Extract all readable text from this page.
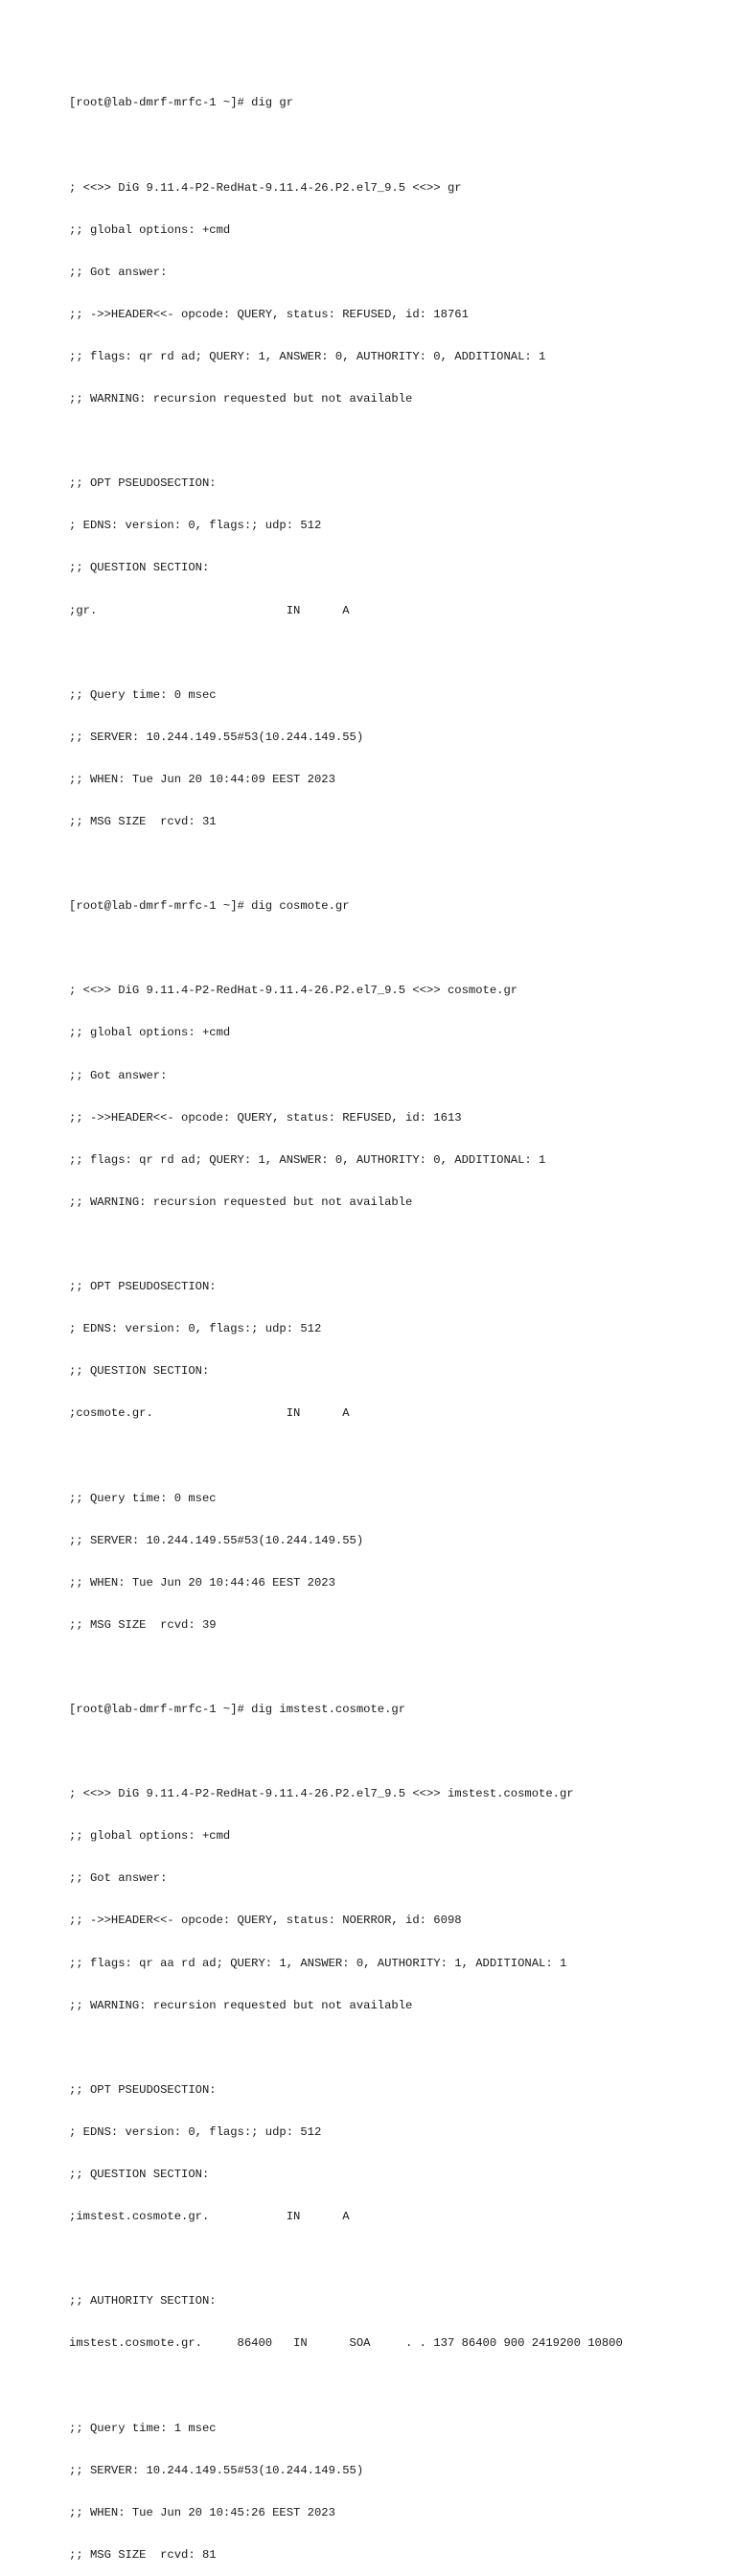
[root@lab-dmrf-mrfc-1 ~]# dig gr

; <<>> DiG 9.11.4-P2-RedHat-9.11.4-26.P2.el7_9.5 <<>> gr

;; global options: +cmd

;; Got answer:

;; ->>HEADER<<- opcode: QUERY, status: REFUSED, id: 18761

;; flags: qr rd ad; QUERY: 1, ANSWER: 0, AUTHORITY: 0, ADDITIONAL: 1

;; WARNING: recursion requested but not available

;; OPT PSEUDOSECTION:

; EDNS: version: 0, flags:; udp: 512

;; QUESTION SECTION:

;gr.                           IN      A

;; Query time: 0 msec

;; SERVER: 10.244.149.55#53(10.244.149.55)

;; WHEN: Tue Jun 20 10:44:09 EEST 2023

;; MSG SIZE  rcvd: 31

[root@lab-dmrf-mrfc-1 ~]# dig cosmote.gr

; <<>> DiG 9.11.4-P2-RedHat-9.11.4-26.P2.el7_9.5 <<>> cosmote.gr

;; global options: +cmd

;; Got answer:

;; ->>HEADER<<- opcode: QUERY, status: REFUSED, id: 1613

;; flags: qr rd ad; QUERY: 1, ANSWER: 0, AUTHORITY: 0, ADDITIONAL: 1

;; WARNING: recursion requested but not available

;; OPT PSEUDOSECTION:

; EDNS: version: 0, flags:; udp: 512

;; QUESTION SECTION:

;cosmote.gr.                   IN      A

;; Query time: 0 msec

;; SERVER: 10.244.149.55#53(10.244.149.55)

;; WHEN: Tue Jun 20 10:44:46 EEST 2023

;; MSG SIZE  rcvd: 39

[root@lab-dmrf-mrfc-1 ~]# dig imstest.cosmote.gr

; <<>> DiG 9.11.4-P2-RedHat-9.11.4-26.P2.el7_9.5 <<>> imstest.cosmote.gr

;; global options: +cmd

;; Got answer:

;; ->>HEADER<<- opcode: QUERY, status: NOERROR, id: 6098

;; flags: qr aa rd ad; QUERY: 1, ANSWER: 0, AUTHORITY: 1, ADDITIONAL: 1

;; WARNING: recursion requested but not available

;; OPT PSEUDOSECTION:

; EDNS: version: 0, flags:; udp: 512

;; QUESTION SECTION:

;imstest.cosmote.gr.           IN      A

;; AUTHORITY SECTION:

imstest.cosmote.gr.     86400   IN      SOA     . . 137 86400 900 2419200 10800

;; Query time: 1 msec

;; SERVER: 10.244.149.55#53(10.244.149.55)

;; WHEN: Tue Jun 20 10:45:26 EEST 2023

;; MSG SIZE  rcvd: 81
